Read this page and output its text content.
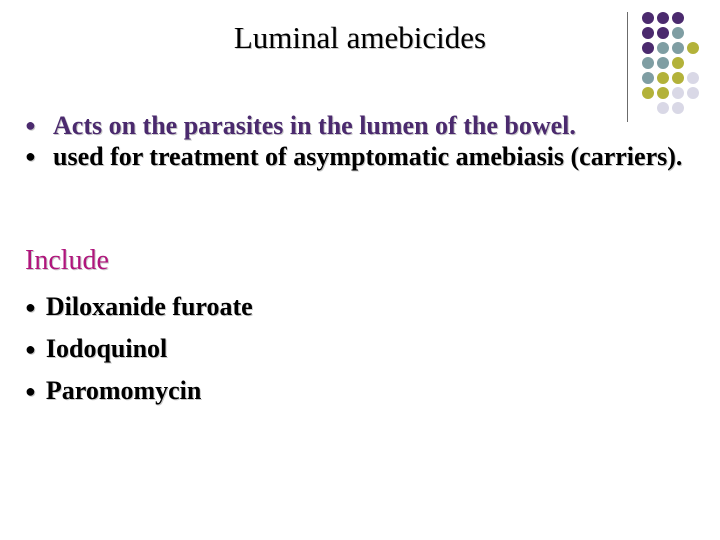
Luminal amebicides
● Acts on the parasites in the lumen of the bowel.
● used for treatment of asymptomatic amebiasis (carriers).
Include
● Diloxanide furoate
● Iodoquinol
● Paromomycin
